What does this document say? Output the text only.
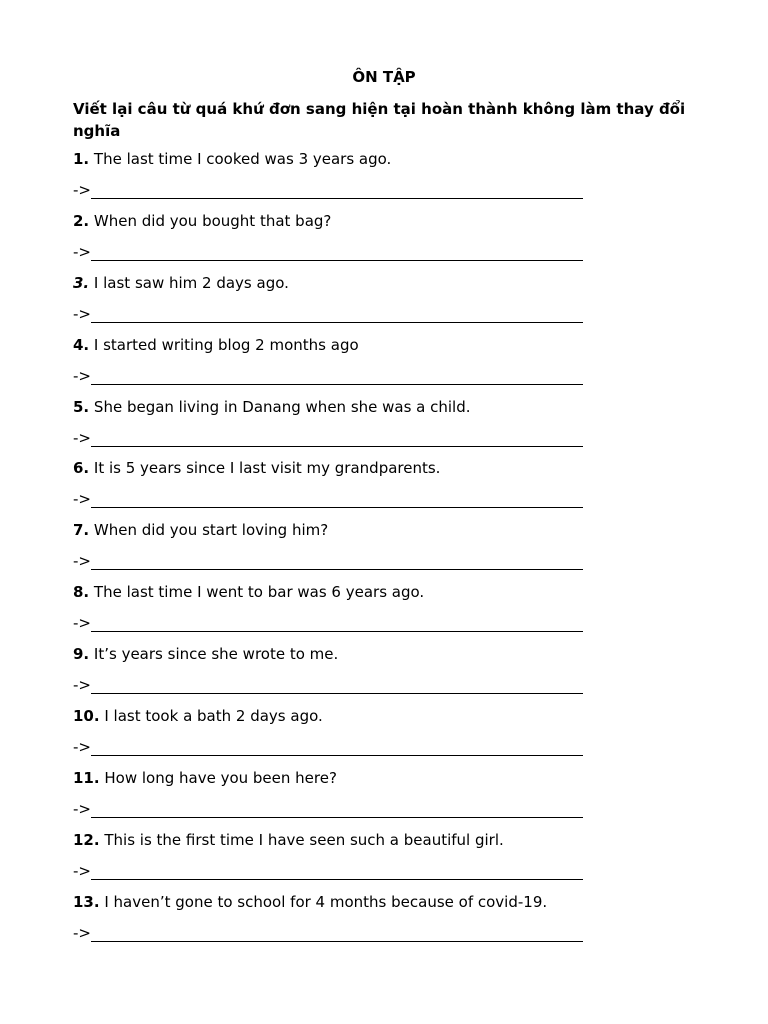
ÔN TẬP
Viết lại câu từ quá khứ đơn sang hiện tại hoàn thành không làm thay đổi nghĩa
1. The last time I cooked was 3 years ago.
->
2. When did you bought that bag?
->
3. I last saw him 2 days ago.
->
4. I started writing blog 2 months ago
->
5. She began living in Danang when she was a child.
->
6. It is 5 years since I last visit my grandparents.
->
7. When did you start loving him?
->
8. The last time I went to bar was 6 years ago.
->
9. It’s years since she wrote to me.
->
10. I last took a bath 2 days ago.
->
11. How long have you been here?
->
12. This is the first time I have seen such a beautiful girl.
->
13. I haven’t gone to school for 4 months because of covid-19.
->
